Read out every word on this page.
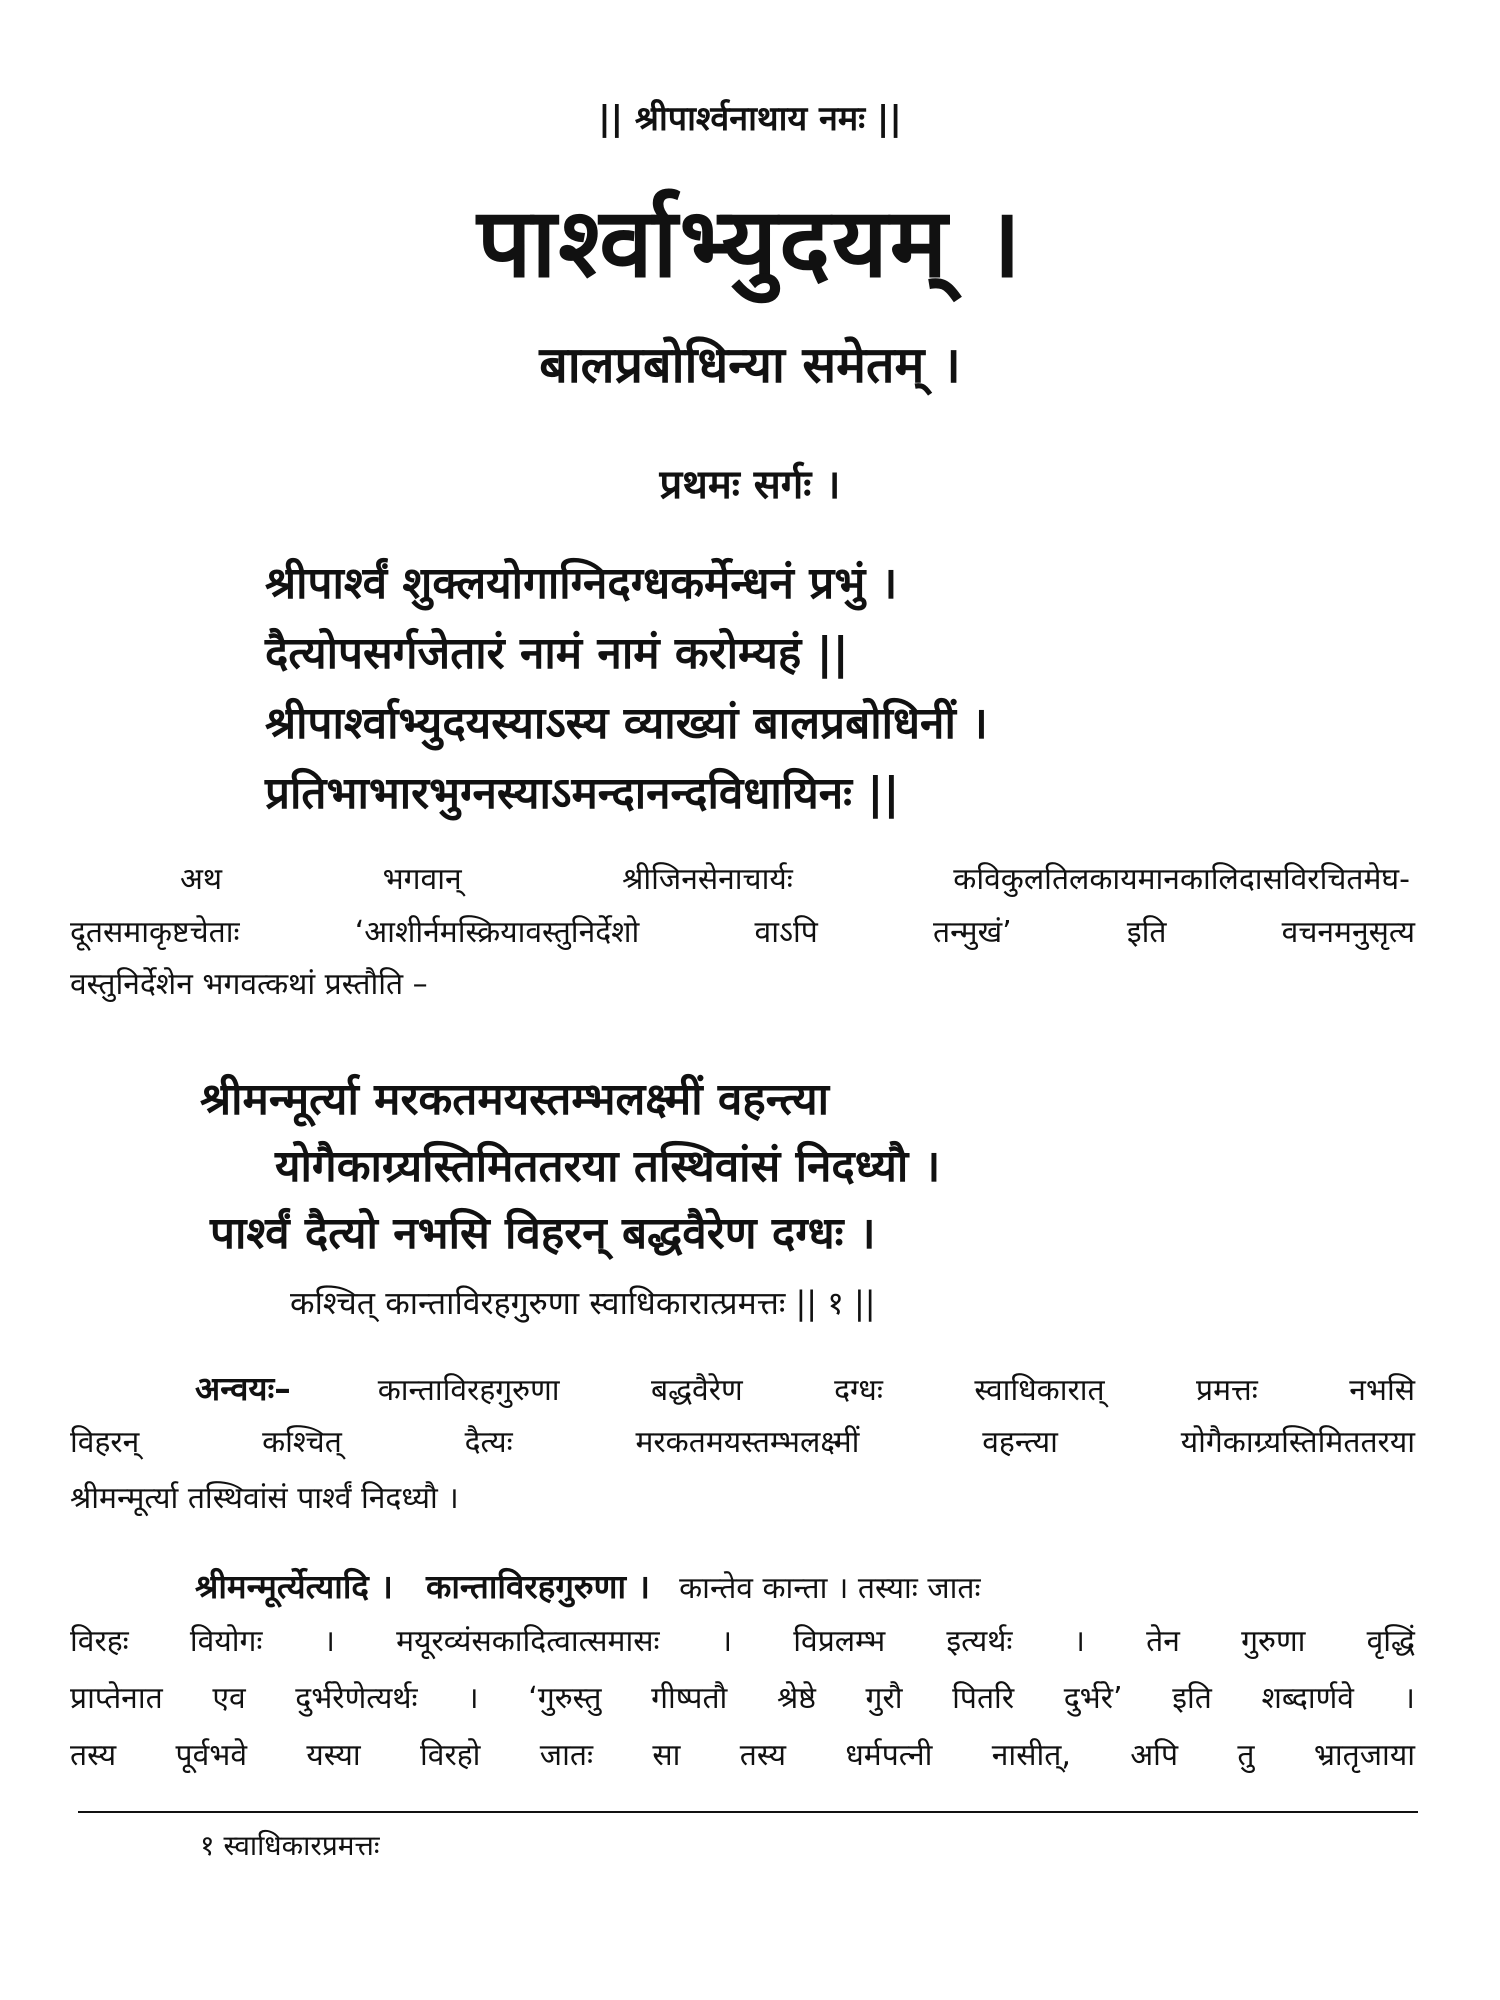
|| श्रीपार्श्वनाथाय नमः ||
पार्श्वाभ्युदयम् ।
बालप्रबोधिन्या समेतम् ।
प्रथमः सर्गः ।
श्रीपार्श्वं शुक्लयोगाग्निदग्धकर्मेन्धनं प्रभुं ।
दैत्योपसर्गजेतारं नामं नामं करोम्यहं ||
श्रीपार्श्वाभ्युदयस्याऽस्य व्याख्यां बालप्रबोधिनीं ।
प्रतिभाभारभुग्नस्याऽमन्दानन्दविधायिनः ||
अथ भगवान् श्रीजिनसेनाचार्यः कविकुलतिलकायमानकालिदासविरचितमेघ-
दूतसमाकृष्टचेताः ‘आशीर्नमस्क्रियावस्तुनिर्देशो वाऽपि तन्मुखं’ इति वचनमनुसृत्य
वस्तुनिर्देशेन भगवत्कथां प्रस्तौति –
श्रीमन्मूर्त्या मरकतमयस्तम्भलक्ष्मीं वहन्त्या
योगैकाग्र्यस्तिमिततरया तस्थिवांसं निदध्यौ ।
पार्श्वं दैत्यो नभसि विहरन् बद्धवैरेण दग्धः ।
कश्चित् कान्ताविरहगुरुणा स्वाधिकारात्प्रमत्तः || १ ||
अन्वयः–	कान्ताविरहगुरुणा बद्धवैरेण दग्धः स्वाधिकारात् प्रमत्तः नभसि
विहरन् कश्चित् दैत्यः मरकतमयस्तम्भलक्ष्मीं वहन्त्या योगैकाग्र्यस्तिमिततरया
श्रीमन्मूर्त्या तस्थिवांसं पार्श्वं निदध्यौ ।
श्रीमन्मूर्त्येत्यादि । कान्ताविरहगुरुणा । कान्तेव कान्ता । तस्याः जातः
विरहः वियोगः । मयूरव्यंसकादित्वात्समासः । विप्रलम्भ इत्यर्थः । तेन गुरुणा वृद्धिं
प्राप्तेनात एव दुर्भरेणेत्यर्थः । ‘गुरुस्तु गीष्पतौ श्रेष्ठे गुरौ पितरि दुर्भरे’ इति शब्दार्णवे ।
तस्य पूर्वभवे यस्या विरहो जातः सा तस्य धर्मपत्नी नासीत्, अपि तु भ्रातृजाया
१ स्वाधिकारप्रमत्तः
